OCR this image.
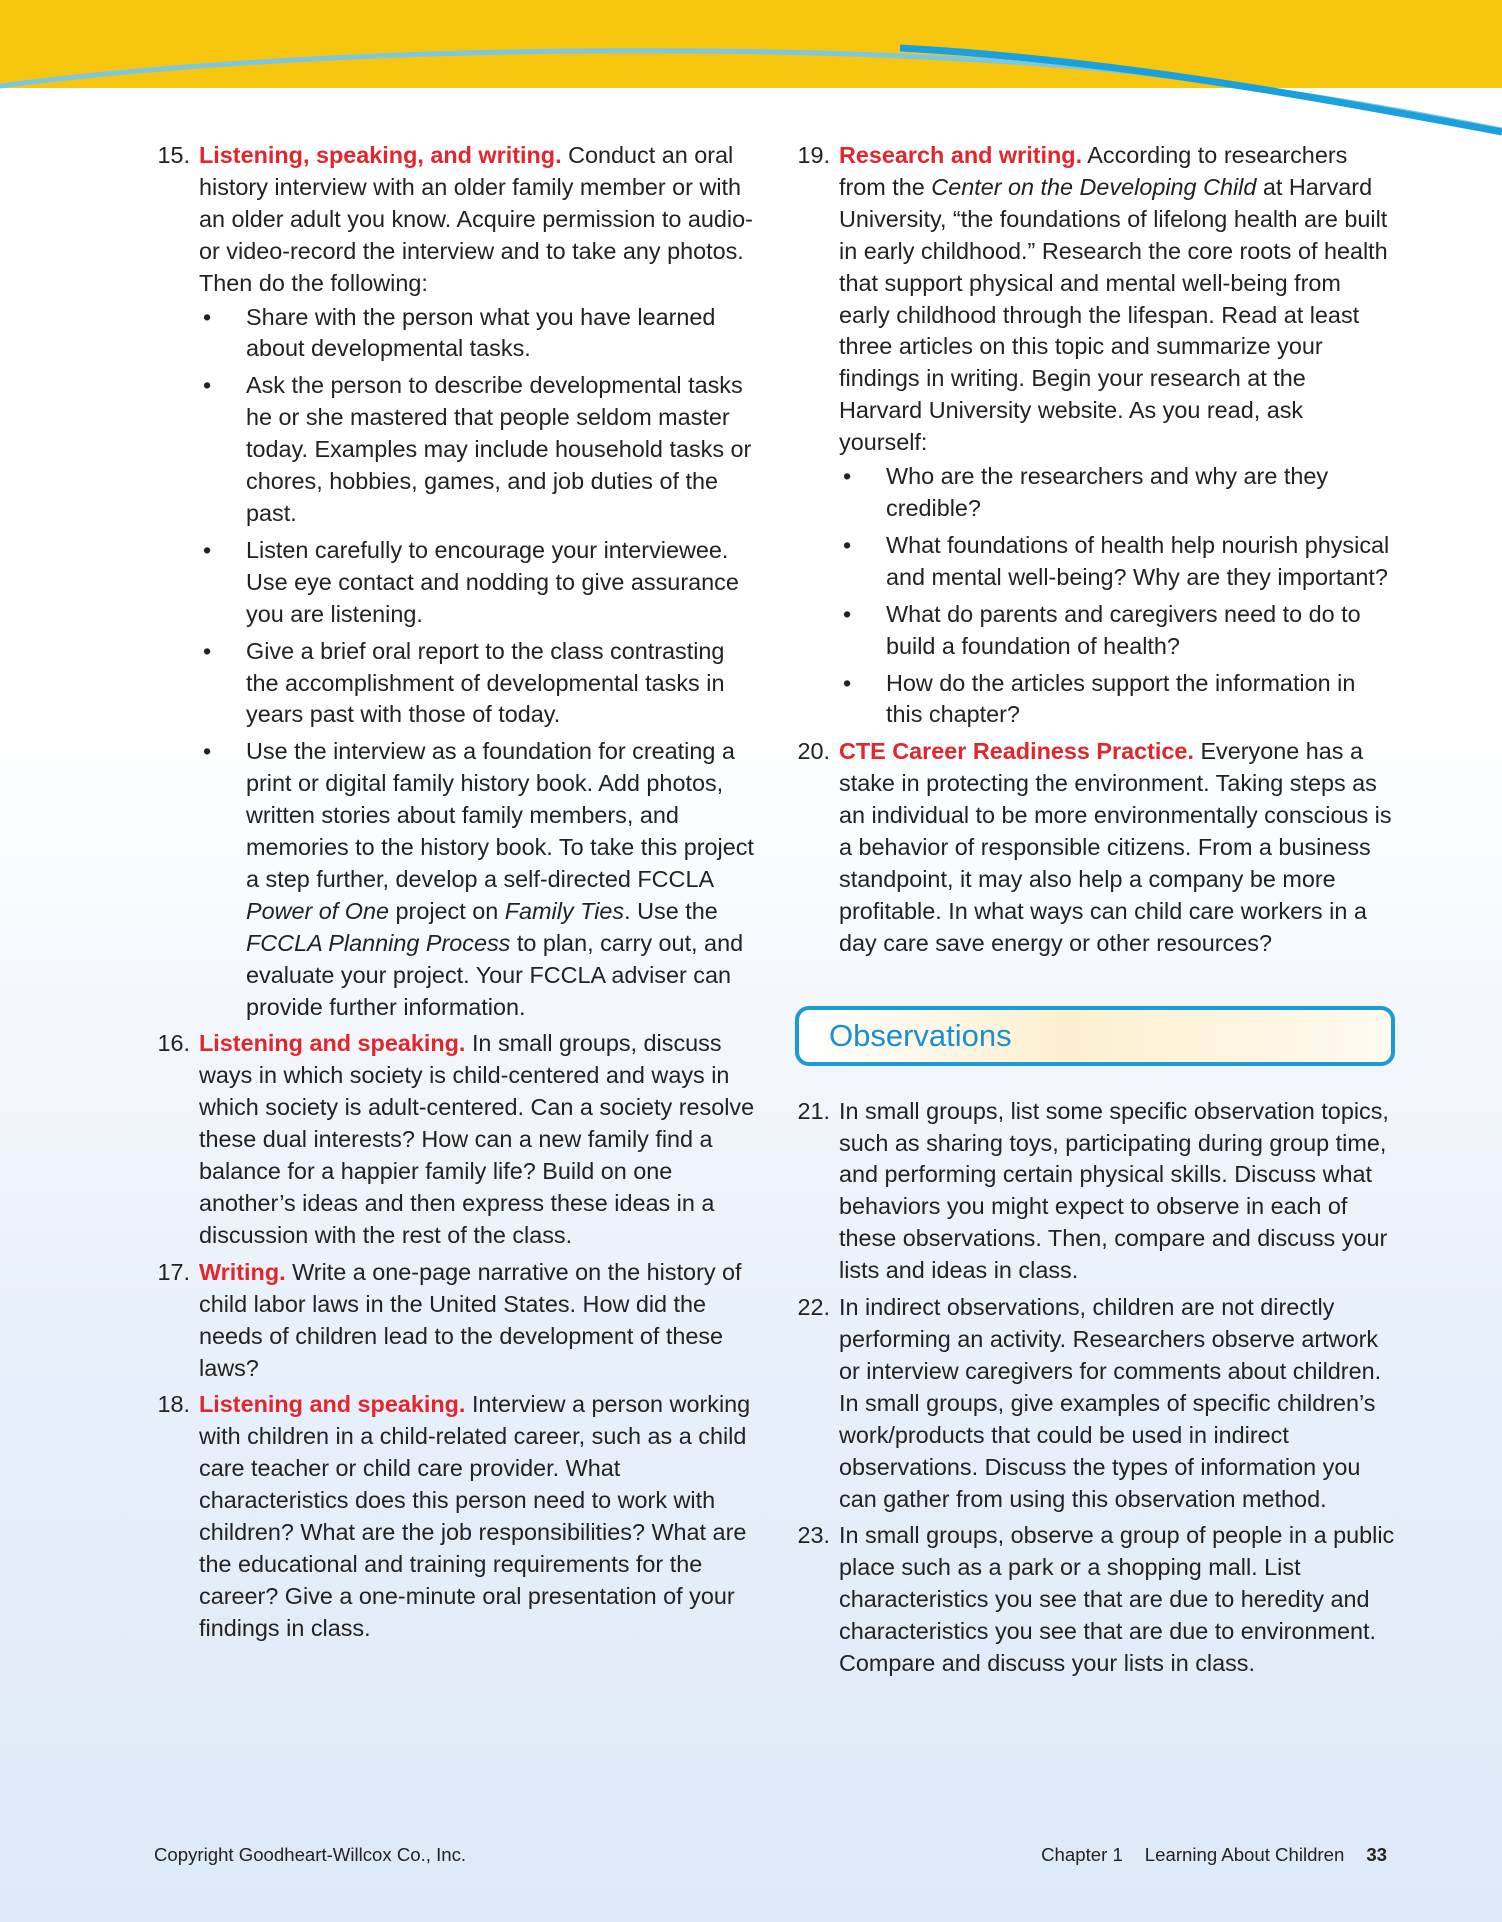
15. Listening, speaking, and writing. Conduct an oral history interview with an older family member or with an older adult you know. Acquire permission to audio- or video-record the interview and to take any photos. Then do the following:
• Share with the person what you have learned about developmental tasks.
• Ask the person to describe developmental tasks he or she mastered that people seldom master today. Examples may include household tasks or chores, hobbies, games, and job duties of the past.
• Listen carefully to encourage your interviewee. Use eye contact and nodding to give assurance you are listening.
• Give a brief oral report to the class contrasting the accomplishment of developmental tasks in years past with those of today.
• Use the interview as a foundation for creating a print or digital family history book. Add photos, written stories about family members, and memories to the history book. To take this project a step further, develop a self-directed FCCLA Power of One project on Family Ties. Use the FCCLA Planning Process to plan, carry out, and evaluate your project. Your FCCLA adviser can provide further information.
16. Listening and speaking. In small groups, discuss ways in which society is child-centered and ways in which society is adult-centered. Can a society resolve these dual interests? How can a new family find a balance for a happier family life? Build on one another’s ideas and then express these ideas in a discussion with the rest of the class.
17. Writing. Write a one-page narrative on the history of child labor laws in the United States. How did the needs of children lead to the development of these laws?
18. Listening and speaking. Interview a person working with children in a child-related career, such as a child care teacher or child care provider. What characteristics does this person need to work with children? What are the job responsibilities? What are the educational and training requirements for the career? Give a one-minute oral presentation of your findings in class.
19. Research and writing. According to researchers from the Center on the Developing Child at Harvard University, “the foundations of lifelong health are built in early childhood.” Research the core roots of health that support physical and mental well-being from early childhood through the lifespan. Read at least three articles on this topic and summarize your findings in writing. Begin your research at the Harvard University website. As you read, ask yourself:
• Who are the researchers and why are they credible?
• What foundations of health help nourish physical and mental well-being? Why are they important?
• What do parents and caregivers need to do to build a foundation of health?
• How do the articles support the information in this chapter?
20. CTE Career Readiness Practice. Everyone has a stake in protecting the environment. Taking steps as an individual to be more environmentally conscious is a behavior of responsible citizens. From a business standpoint, it may also help a company be more profitable. In what ways can child care workers in a day care save energy or other resources?
Observations
21. In small groups, list some specific observation topics, such as sharing toys, participating during group time, and performing certain physical skills. Discuss what behaviors you might expect to observe in each of these observations. Then, compare and discuss your lists and ideas in class.
22. In indirect observations, children are not directly performing an activity. Researchers observe artwork or interview caregivers for comments about children. In small groups, give examples of specific children’s work/products that could be used in indirect observations. Discuss the types of information you can gather from using this observation method.
23. In small groups, observe a group of people in a public place such as a park or a shopping mall. List characteristics you see that are due to heredity and characteristics you see that are due to environment. Compare and discuss your lists in class.
Copyright Goodheart-Willcox Co., Inc.	Chapter 1 Learning About Children 33
